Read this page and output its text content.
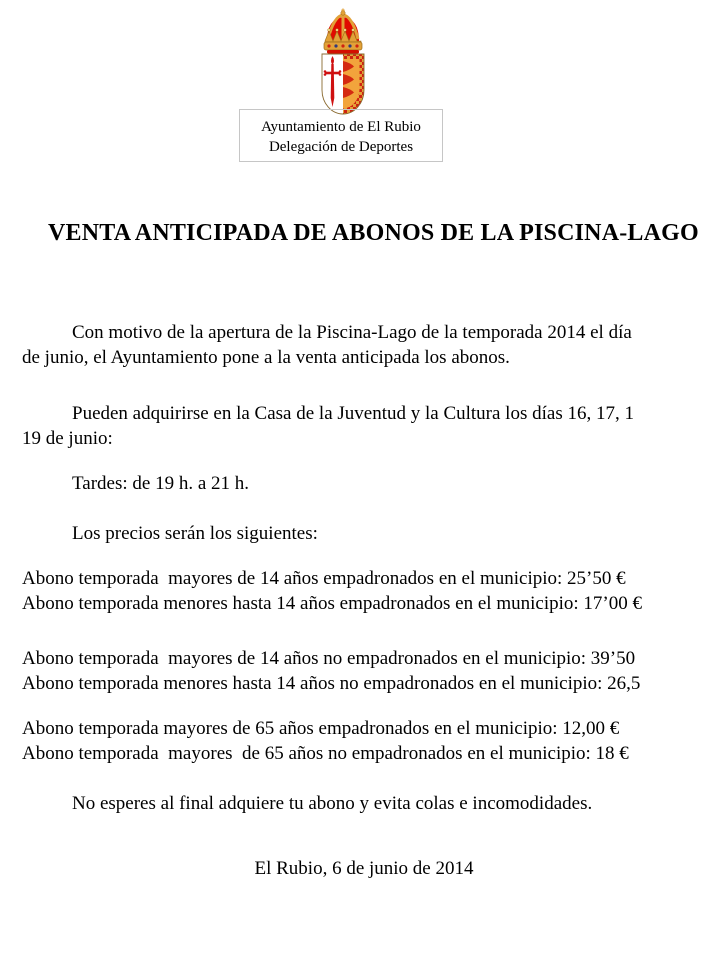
Ayuntamiento de El Rubio
Delegación de Deportes
VENTA ANTICIPADA DE ABONOS DE LA PISCINA-LAGO
Con motivo de la apertura de la Piscina-Lago de la temporada 2014 el día
de junio, el Ayuntamiento pone a la venta anticipada los abonos.
Pueden adquirirse en la Casa de la Juventud y la Cultura los días 16, 17, 1
19 de junio:
Tardes: de 19 h. a 21 h.
Los precios serán los siguientes:
Abono temporada  mayores de 14 años empadronados en el municipio: 25’50 €
Abono temporada menores hasta 14 años empadronados en el municipio: 17’00 €
Abono temporada  mayores de 14 años no empadronados en el municipio: 39’50
Abono temporada menores hasta 14 años no empadronados en el municipio: 26,5
Abono temporada mayores de 65 años empadronados en el municipio: 12,00 €
Abono temporada  mayores  de 65 años no empadronados en el municipio: 18 €
No esperes al final adquiere tu abono y evita colas e incomodidades.
El Rubio, 6 de junio de 2014
